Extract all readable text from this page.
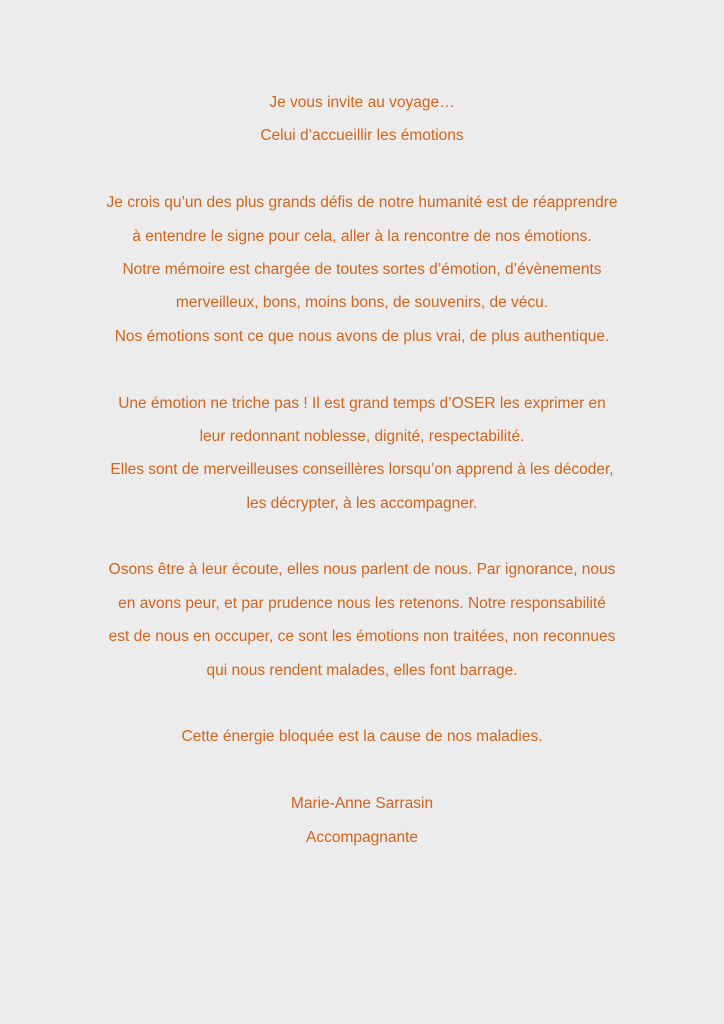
Je vous invite au voyage…
Celui d’accueillir les émotions
Je crois qu’un des plus grands défis de notre humanité est de réapprendre
à entendre le signe pour cela, aller à la rencontre de nos émotions.
Notre mémoire est chargée de toutes sortes d’émotion, d’évènements
merveilleux, bons, moins bons, de souvenirs, de vécu.
Nos émotions sont ce que nous avons de plus vrai, de plus authentique.
Une émotion ne triche pas ! Il est grand temps d’OSER les exprimer en
leur redonnant noblesse, dignité, respectabilité.
Elles sont de merveilleuses conseillères lorsqu’on apprend à les décoder,
les décrypter, à les accompagner.
Osons être à leur écoute, elles nous parlent de nous. Par ignorance, nous
en avons peur, et par prudence nous les retenons. Notre responsabilité
est de nous en occuper, ce sont les émotions non traitées, non reconnues
qui nous rendent malades, elles font barrage.
Cette énergie bloquée est la cause de nos maladies.
Marie-Anne Sarrasin
Accompagnante
